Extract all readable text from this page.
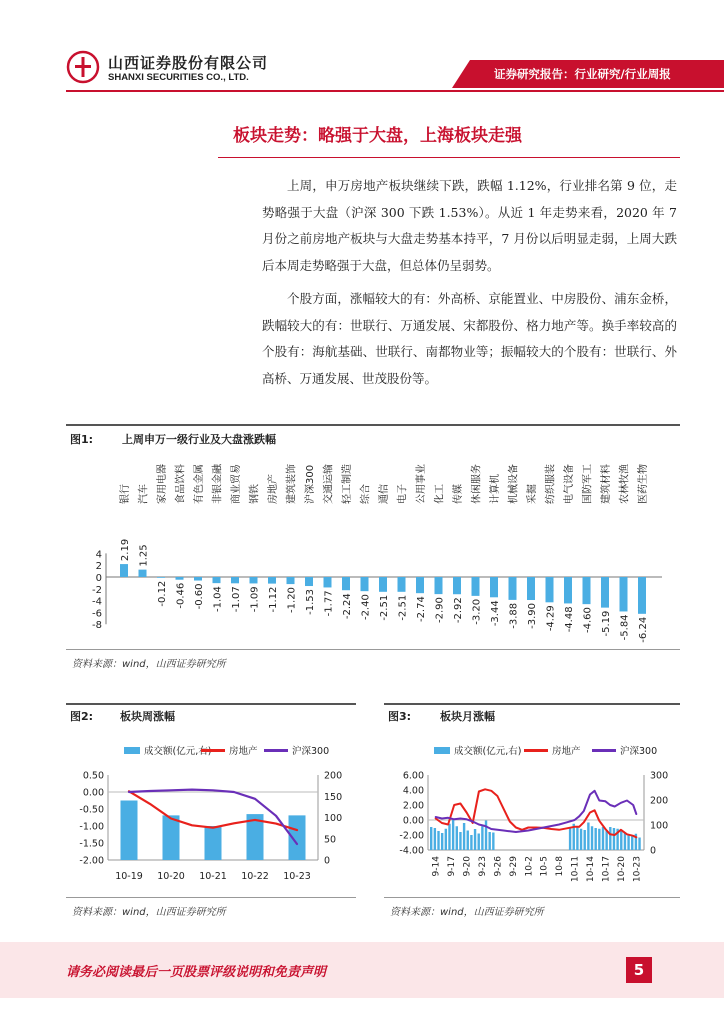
山西证券股份有限公司
SHANXI SECURITIES CO., LTD.	证券研究报告：行业研究/行业周报
板块走势：略强于大盘，上海板块走强
上周，申万房地产板块继续下跌，跌幅 1.12%，行业排名第 9 位，走势略强于大盘（沪深 300 下跌 1.53%）。从近 1 年走势来看，2020 年 7 月份之前房地产板块与大盘走势基本持平，7 月份以后明显走弱，上周大跌后本周走势略强于大盘，但总体仍呈弱势。
个股方面，涨幅较大的有：外高桥、京能置业、中房股份、浦东金桥，跌幅较大的有：世联行、万通发展、宋都股份、格力地产等。换手率较高的个股有：海航基础、世联行、南都物业等；振幅较大的个股有：世联行、外高桥、万通发展、世茂股份等。
图1:	上周申万一级行业及大盘涨跌幅
4
2
0
-2
-4
-6
-8
银行
2.19
汽车
1.25
家用电器
-0.12
食品饮料
-0.46
有色金属
-0.60
非银金融
-1.04
商业贸易
-1.07
钢铁
-1.09
房地产
-1.12
建筑装饰
-1.20
沪深300
-1.53
交通运输
-1.77
轻工制造
-2.24
综合
-2.40
通信
-2.51
电子
-2.51
公用事业
-2.74
化工
-2.90
传媒
-2.92
休闲服务
-3.20
计算机
-3.44
机械设备
-3.88
采掘
-3.90
纺织服装
-4.29
电气设备
-4.48
国防军工
-4.60
建筑材料
-5.19
农林牧渔
-5.84
医药生物
-6.24
资料来源：wind，山西证券研究所
图2: 板块周涨幅
成交额(亿元,右) 房地产	沪深300
0.50
0.00
-0.50
-1.00
-1.50
-2.00
200
150
100
50
0
10-19 10-20 10-21 10-22 10-23
资料来源：wind，山西证券研究所
图3:	板块月涨幅
成交额(亿元,右)	房地产	沪深300
6.00
4.00
2.00
0.00
-2.00
-4.00
300
200
100
0
9-14 9-17 9-20 9-23 9-26 9-29 10-2 10-5 10-8 10-11 10-14 10-17 10-20 10-23
资料来源：wind，山西证券研究所
请务必阅读最后一页股票评级说明和免责声明	5
